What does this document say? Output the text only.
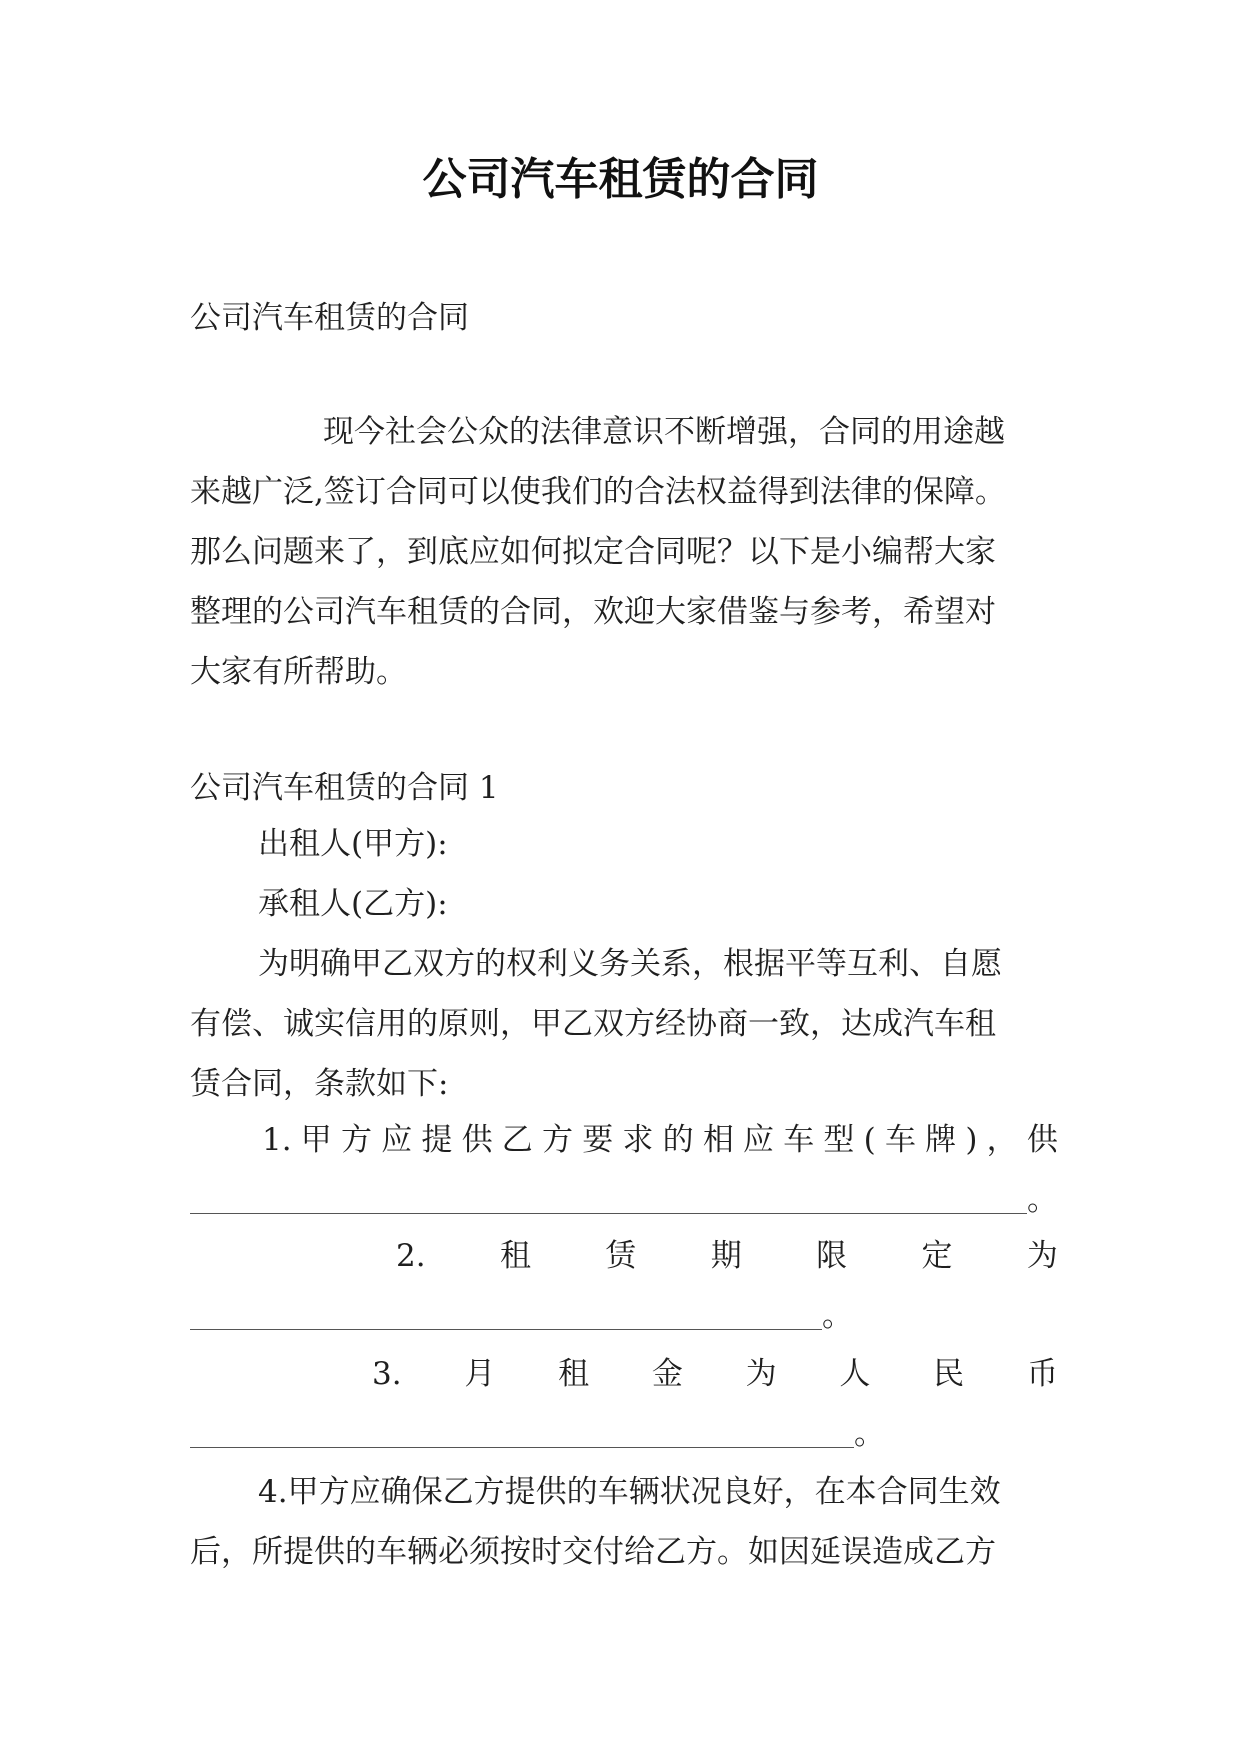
公司汽车租赁的合同
公司汽车租赁的合同
现今社会公众的法律意识不断增强，合同的用途越
来越广泛,签订合同可以使我们的合法权益得到法律的保障。
那么问题来了，到底应如何拟定合同呢？以下是小编帮大家
整理的公司汽车租赁的合同，欢迎大家借鉴与参考，希望对
大家有所帮助。
公司汽车租赁的合同 1
出租人(甲方):
承租人(乙方):
为明确甲乙双方的权利义务关系，根据平等互利、自愿
有偿、诚实信用的原则，甲乙双方经协商一致，达成汽车租
赁合同，条款如下:
1. 甲 方 应 提 供 乙 方 要 求 的 相 应 车 型 ( 车 牌 ) ， 供
。
2. 租 赁 期 限 定 为
。
3. 月 租 金 为 人 民 币
。
4.甲方应确保乙方提供的车辆状况良好，在本合同生效
后，所提供的车辆必须按时交付给乙方。如因延误造成乙方
